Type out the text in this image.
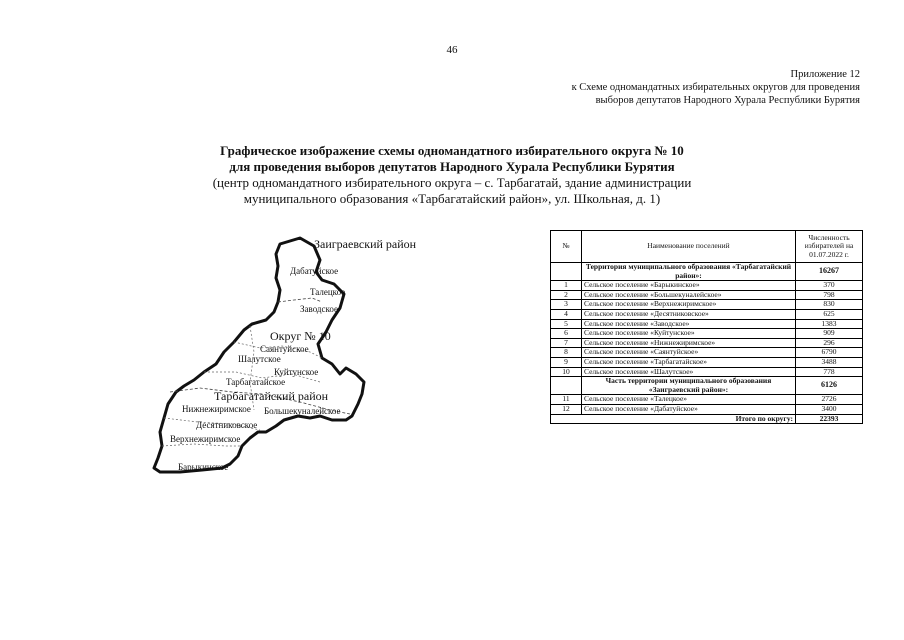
46
Приложение 12
к Схеме одномандатных избирательных округов для проведения
выборов депутатов Народного Хурала Республики Бурятия
Графическое изображение схемы одномандатного избирательного округа № 10
для проведения выборов депутатов Народного Хурала Республики Бурятия
(центр одномандатного избирательного округа – с. Тарбагатай, здание администрации
муниципального образования «Тарбагатайский район», ул. Школьная, д. 1)
Заиграевский район
Дабатуйское
Талецкое
Заводское
Округ № 10
Саянтуйское
Шалутское
Куйтунское
Тарбагатайское
Тарбагатайский район
Нижнежиримское Большекуналейское
Десятниковское
Верхнежиримское
Барыкинское
№	Наименование поселений	Численность избирателей на 01.07.2022 г.
	Территория муниципального образования «Тарбагатайский район»:	16267
1	Сельское поселение «Барыкинское»	370
2	Сельское поселение «Большекуналейское»	798
3	Сельское поселение «Верхнежиримское»	830
4	Сельское поселение «Десятниковское»	625
5	Сельское поселение «Заводское»	1383
6	Сельское поселение «Куйтунское»	909
7	Сельское поселение «Нижнежиримское»	296
8	Сельское поселение «Саянтуйское»	6790
9	Сельское поселение «Тарбагатайское»	3488
10	Сельское поселение «Шалутское»	778
	Часть территории муниципального образования «Заиграевский район»:	6126
11	Сельское поселение «Талецкое»	2726
12	Сельское поселение «Дабатуйское»	3400
Итого по округу:		22393
